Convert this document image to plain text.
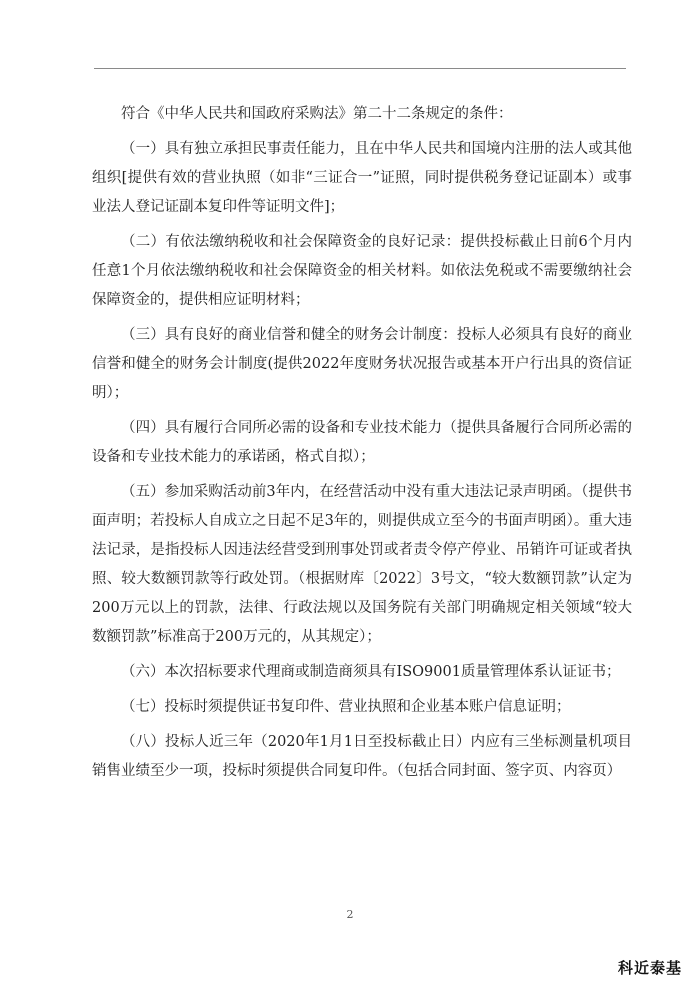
符合《中华人民共和国政府采购法》第二十二条规定的条件：

（一）具有独立承担民事责任能力，且在中华人民共和国境内注册的法人或其他组织[提供有效的营业执照（如非“三证合一”证照，同时提供税务登记证副本）或事业法人登记证副本复印件等证明文件]；

（二）有依法缴纳税收和社会保障资金的良好记录：提供投标截止日前6个月内任意1个月依法缴纳税收和社会保障资金的相关材料。如依法免税或不需要缴纳社会保障资金的，提供相应证明材料；

（三）具有良好的商业信誉和健全的财务会计制度：投标人必须具有良好的商业信誉和健全的财务会计制度(提供2022年度财务状况报告或基本开户行出具的资信证明）；

（四）具有履行合同所必需的设备和专业技术能力（提供具备履行合同所必需的设备和专业技术能力的承诺函，格式自拟）；

（五）参加采购活动前3年内，在经营活动中没有重大违法记录声明函。（提供书面声明；若投标人自成立之日起不足3年的，则提供成立至今的书面声明函）。重大违法记录，是指投标人因违法经营受到刑事处罚或者责令停产停业、吊销许可证或者执照、较大数额罚款等行政处罚。（根据财库〔2022〕3号文，“较大数额罚款”认定为200万元以上的罚款，法律、行政法规以及国务院有关部门明确规定相关领域“较大数额罚款”标准高于200万元的，从其规定）；

（六）本次招标要求代理商或制造商须具有ISO9001质量管理体系认证证书；

（七）投标时须提供证书复印件、营业执照和企业基本账户信息证明；

（八）投标人近三年（2020年1月1日至投标截止日）内应有三坐标测量机项目销售业绩至少一项，投标时须提供合同复印件。（包括合同封面、签字页、内容页）

2
科近泰基
